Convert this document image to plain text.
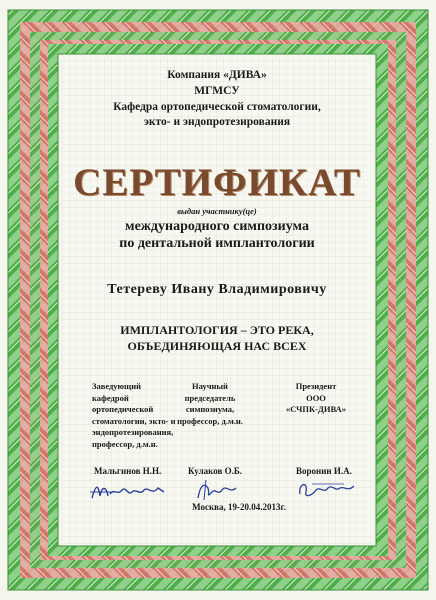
Компания «ДИВА»
МГМСУ
Кафедра ортопедической стоматологии,
экто- и эндопротезирования
СЕРТИФИКАТ
выдан участнику(це)
международного симпозиума
по дентальной имплантологии
Тетереву Ивану Владимировичу
ИМПЛАНТОЛОГИЯ – ЭТО РЕКА,
ОБЪЕДИНЯЮЩАЯ НАС ВСЕХ
Заведующий
кафедрой
ортопедической
стоматологии, экто- и
эндопротезирования,
профессор, д.м.н.
Научный
председатель
симпозиума,
профессор, д.м.н.
Президент
ООО
«СЧПК-ДИВА»
Мальгинов Н.Н.	Кулаков О.Б.	Воронин И.А.
Москва, 19-20.04.2013г.
